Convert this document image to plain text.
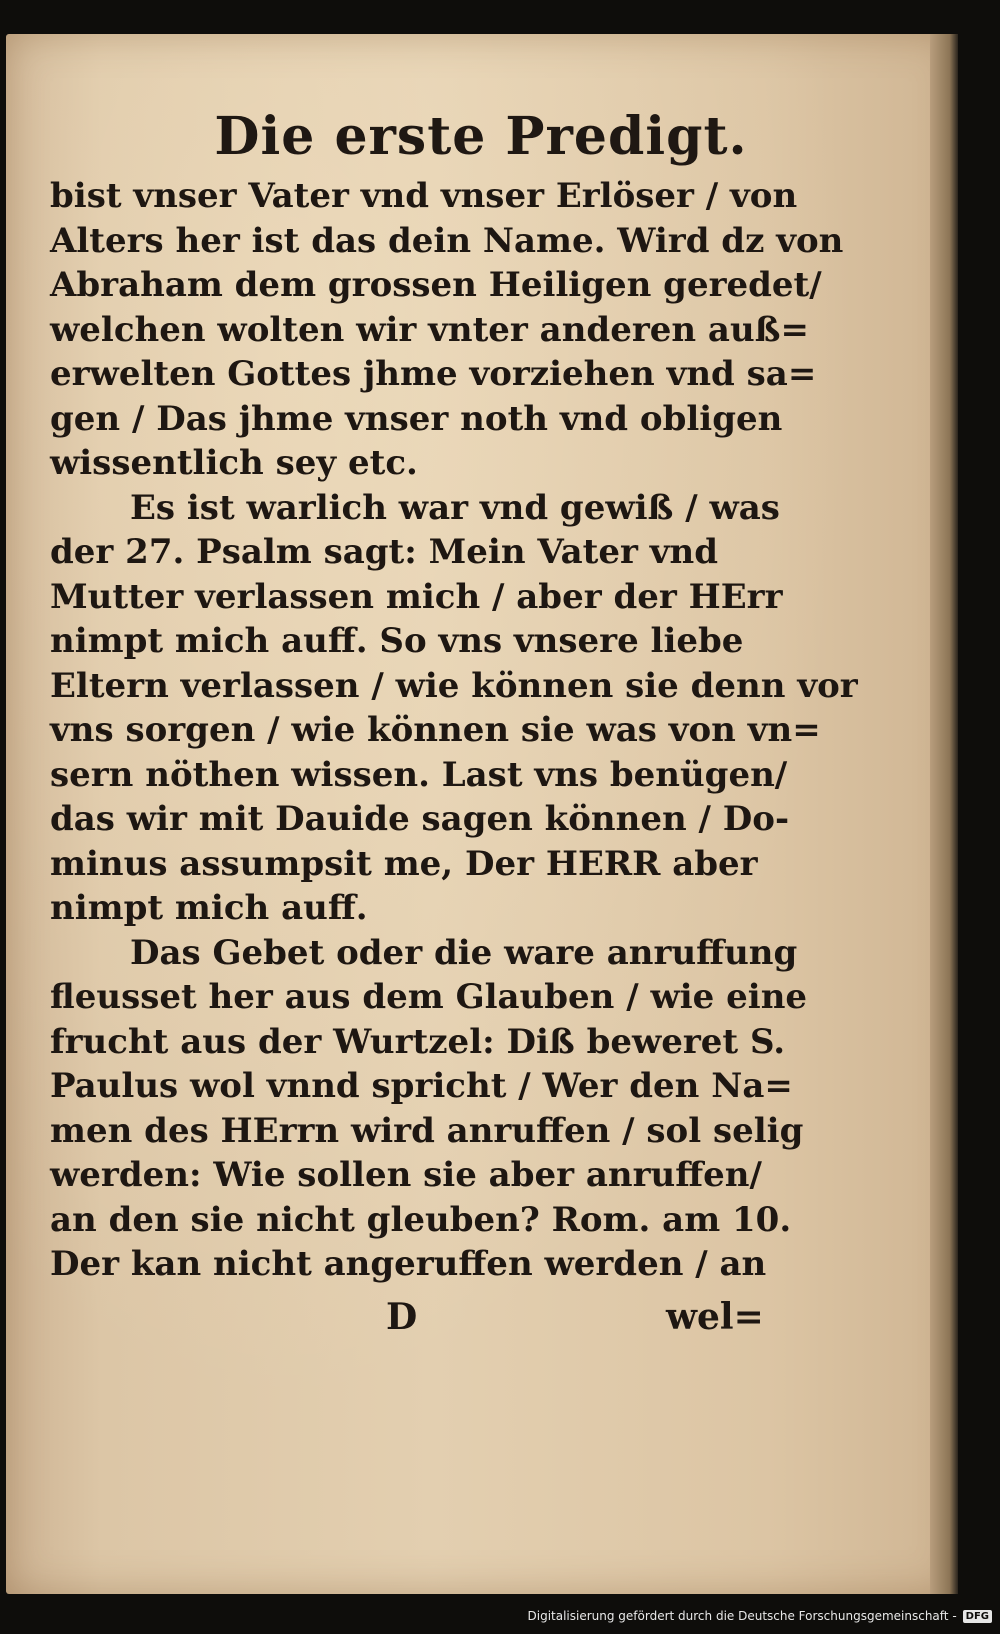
Die erste Predigt.
bist vnser Vater vnd vnser Erlöser / von
Alters her ist das dein Name. Wird dz von
Abraham dem grossen Heiligen geredet/
welchen wolten wir vnter anderen auß=
erwelten Gottes jhme vorziehen vnd sa=
gen / Das jhme vnser noth vnd obligen
wissentlich sey etc.
Es ist warlich war vnd gewiß / was
der 27. Psalm sagt: Mein Vater vnd
Mutter verlassen mich / aber der HErr
nimpt mich auff. So vns vnsere liebe
Eltern verlassen / wie können sie denn vor
vns sorgen / wie können sie was von vn=
sern nöthen wissen. Last vns benügen/
das wir mit Dauide sagen können / Do-
minus assumpsit me, Der HERR aber
nimpt mich auff.
Das Gebet oder die ware anruffung
fleusset her aus dem Glauben / wie eine
frucht aus der Wurtzel: Diß beweret S.
Paulus wol vnnd spricht / Wer den Na=
men des HErrn wird anruffen / sol selig
werden: Wie sollen sie aber anruffen/
an den sie nicht gleuben? Rom. am 10.
Der kan nicht angeruffen werden / an
D	wel=
Digitalisierung gefördert durch die Deutsche Forschungsgemeinschaft - DFG
